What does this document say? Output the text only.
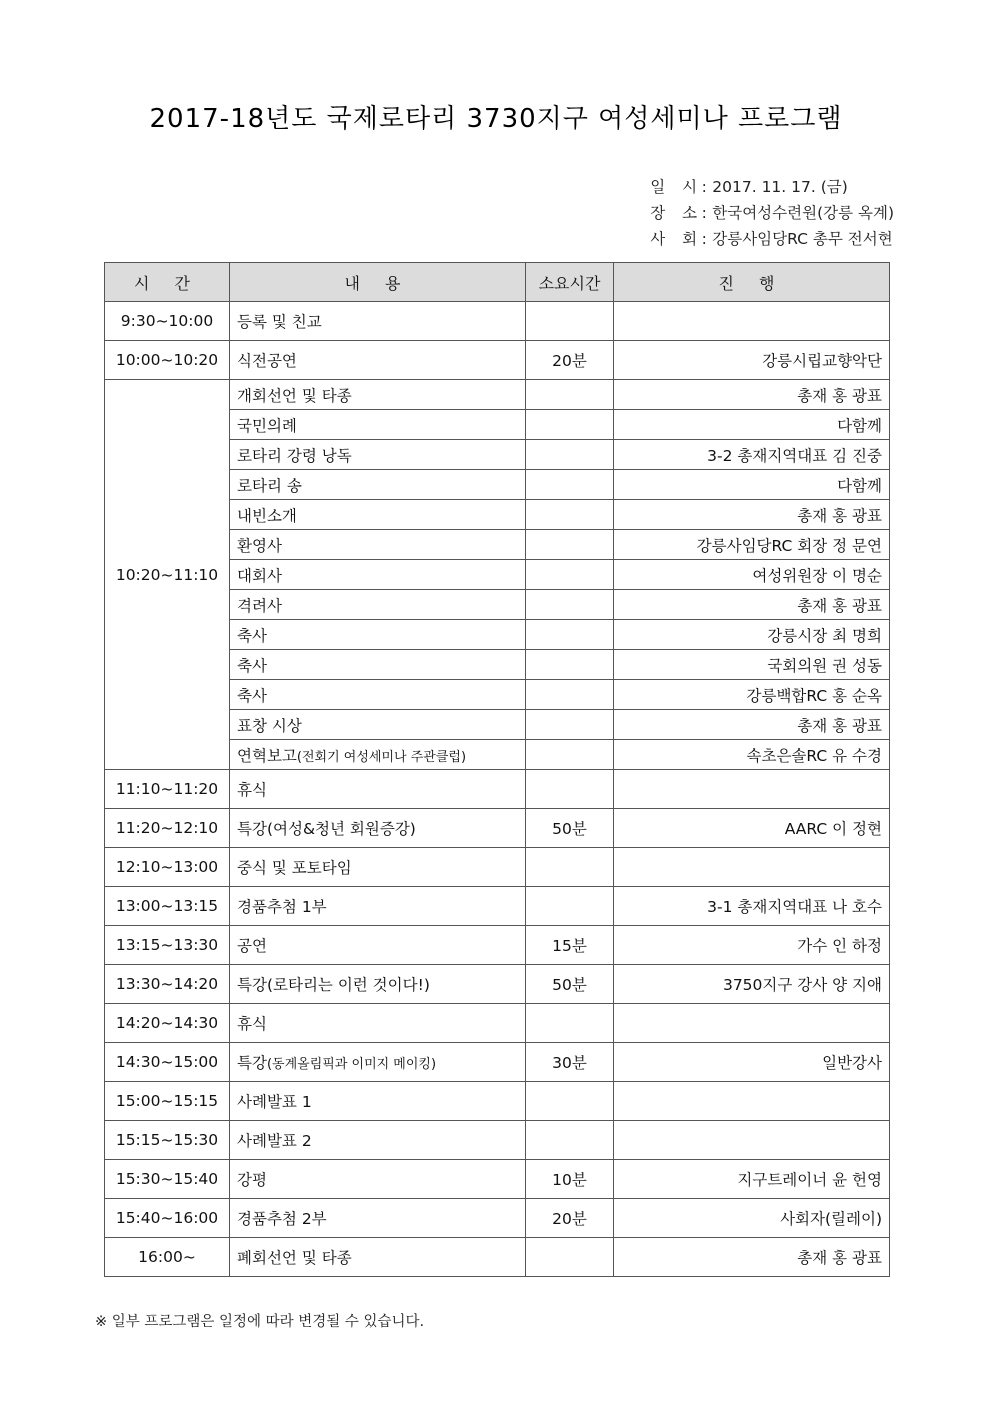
2017-18년도 국제로타리 3730지구 여성세미나 프로그램
일 시: 2017. 11. 17. (금)
장 소: 한국여성수련원(강릉 옥계)
사 회: 강릉사임당RC 총무 전서현
시 간	내 용	소요시간	진 행
9:30~10:00	등록 및 친교		
10:00~10:20	식전공연	20분	강릉시립교향악단
10:20~11:10	개회선언 및 타종		총재 홍 광표
	국민의례		다함께
	로타리 강령 낭독		3-2 총재지역대표 김 진중
	로타리 송		다함께
	내빈소개		총재 홍 광표
	환영사		강릉사임당RC 회장 정 문연
	대회사		여성위원장 이 명순
	격려사		총재 홍 광표
	축사		강릉시장 최 명희
	축사		국회의원 권 성동
	축사		강릉백합RC 홍 순옥
	표창 시상		총재 홍 광표
	연혁보고(전회기 여성세미나 주관클럽)		속초은솔RC 유 수경
11:10~11:20	휴식		
11:20~12:10	특강(여성&청년 회원증강)	50분	AARC 이 정현
12:10~13:00	중식 및 포토타임		
13:00~13:15	경품추첨 1부		3-1 총재지역대표 나 호수
13:15~13:30	공연	15분	가수 인 하정
13:30~14:20	특강(로타리는 이런 것이다!)	50분	3750지구 강사 양 지애
14:20~14:30	휴식		
14:30~15:00	특강(동계올림픽과 이미지 메이킹)	30분	일반강사
15:00~15:15	사례발표 1		
15:15~15:30	사례발표 2		
15:30~15:40	강평	10분	지구트레이너 윤 헌영
15:40~16:00	경품추첨 2부	20분	사회자(릴레이)
16:00~	폐회선언 및 타종		총재 홍 광표
※ 일부 프로그램은 일정에 따라 변경될 수 있습니다.
